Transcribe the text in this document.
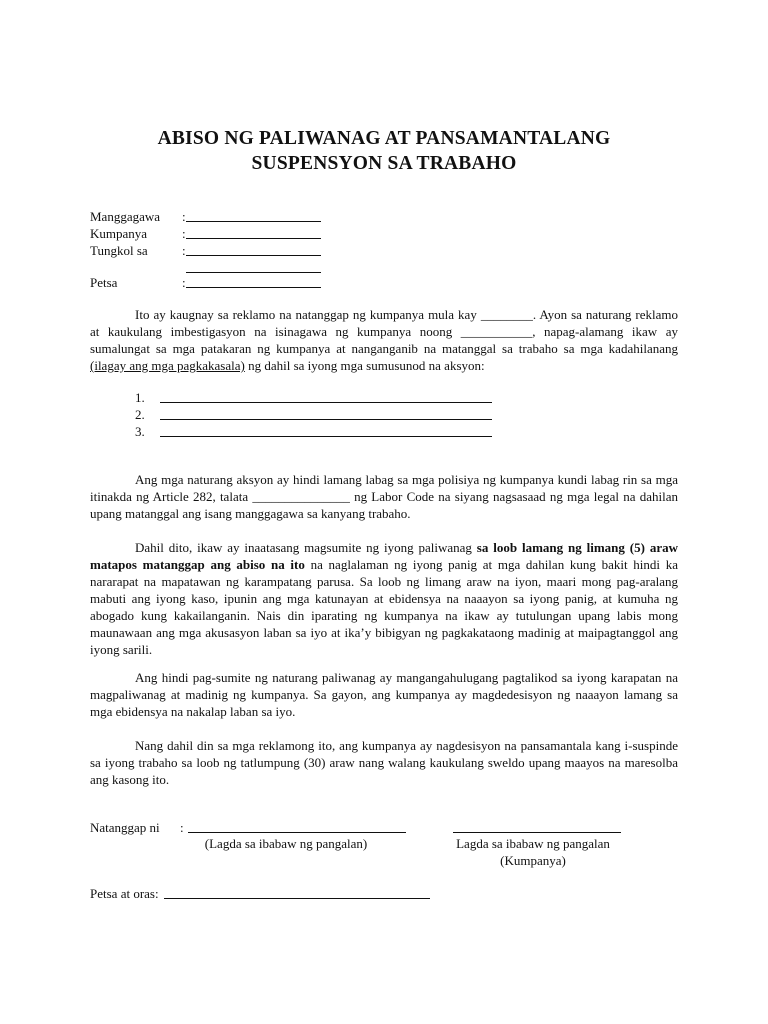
ABISO NG PALIWANAG AT PANSAMANTALANG
SUSPENSYON SA TRABAHO
Manggagawa	:
Kumpanya	:
Tungkol sa	:
Petsa	:
Ito ay kaugnay sa reklamo na natanggap ng kumpanya mula kay ________. Ayon sa naturang reklamo at kaukulang imbestigasyon na isinagawa ng kumpanya noong ___________, napag-alamang ikaw ay sumalungat sa mga patakaran ng kumpanya at nanganganib na matanggal sa trabaho sa mga kadahilanang (ilagay ang mga pagkakasala) ng dahil sa iyong mga sumusunod na aksyon:
1.
2.
3.
Ang mga naturang aksyon ay hindi lamang labag sa mga polisiya ng kumpanya kundi labag rin sa mga itinakda ng Article 282, talata _______________ ng Labor Code na siyang nagsasaad ng mga legal na dahilan upang matanggal ang isang manggagawa sa kanyang trabaho.
Dahil dito, ikaw ay inaatasang magsumite ng iyong paliwanag sa loob lamang ng limang (5) araw matapos matanggap ang abiso na ito na naglalaman ng iyong panig at mga dahilan kung bakit hindi ka nararapat na mapatawan ng karampatang parusa. Sa loob ng limang araw na iyon, maari mong pag-aralang mabuti ang iyong kaso, ipunin ang mga katunayan at ebidensya na naaayon sa iyong panig, at kumuha ng abogado kung kakailanganin. Nais din iparating ng kumpanya na ikaw ay tutulungan upang labis mong maunawaan ang mga akusasyon laban sa iyo at ika’y bibigyan ng pagkakataong madinig at maipagtanggol ang iyong sarili.
Ang hindi pag-sumite ng naturang paliwanag ay mangangahulugang pagtalikod sa iyong karapatan na magpaliwanag at madinig ng kumpanya. Sa gayon, ang kumpanya ay magdedesisyon ng naaayon lamang sa mga ebidensya na nakalap laban sa iyo.
Nang dahil din sa mga reklamong ito, ang kumpanya ay nagdesisyon na pansamantala kang i-suspinde sa iyong trabaho sa loob ng tatlumpung (30) araw nang walang kaukulang sweldo upang maayos na maresolba ang kasong ito.
Natanggap ni :
(Lagda sa ibabaw ng pangalan)	Lagda sa ibabaw ng pangalan
(Kumpanya)
Petsa at oras:
